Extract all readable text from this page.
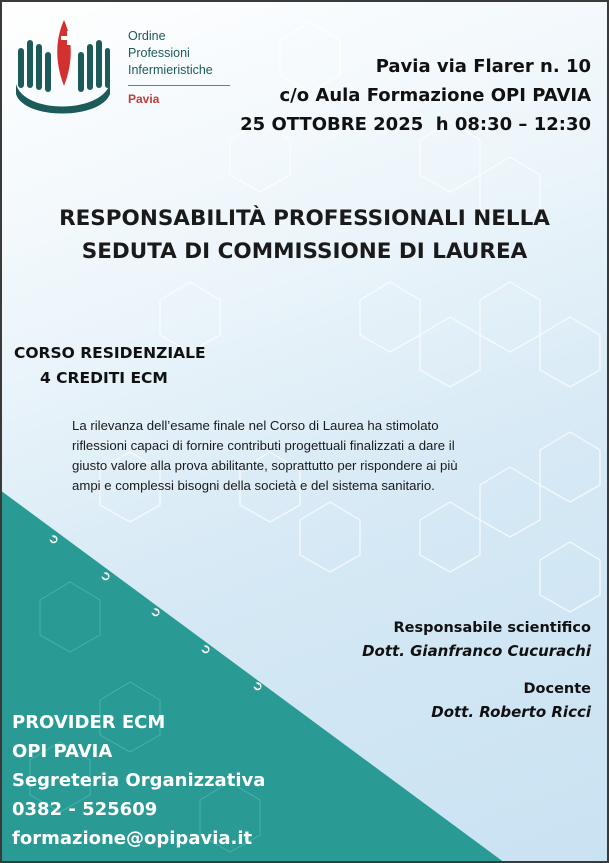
➲
➲
➲
➲
➲
Ordine
Professioni
Infermieristiche
Pavia
Pavia via Flarer n. 10
c/o Aula Formazione OPI PAVIA
25 OTTOBRE 2025  h 08:30 – 12:30
RESPONSABILITÀ PROFESSIONALI NELLA
SEDUTA DI COMMISSIONE DI LAUREA
CORSO RESIDENZIALE
4 CREDITI ECM
La rilevanza dell’esame finale nel Corso di Laurea ha stimolato
riflessioni capaci di fornire contributi progettuali finalizzati a dare il
giusto valore alla prova abilitante, soprattutto per rispondere ai più
ampi e complessi bisogni della società e del sistema sanitario.
Responsabile scientifico
Dott. Gianfranco Cucurachi
Docente
Dott. Roberto Ricci
PROVIDER ECM
OPI PAVIA
Segreteria Organizzativa
0382 - 525609
formazione@opipavia.it
